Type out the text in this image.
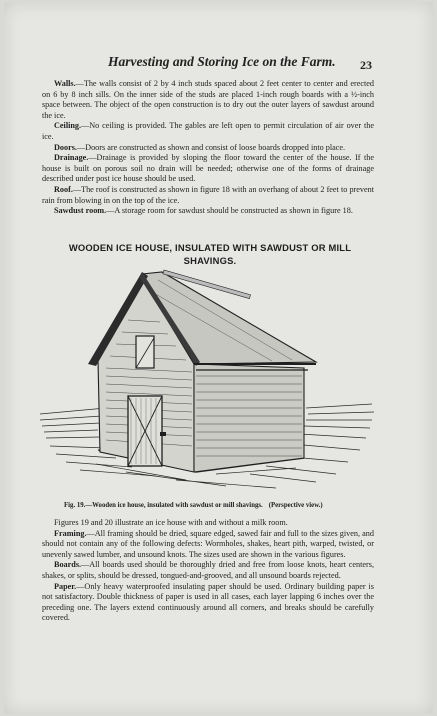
Harvesting and Storing Ice on the Farm. 23

Walls.—The walls consist of 2 by 4 inch studs spaced about 2 feet center to center and erected on 6 by 8 inch sills. On the inner side of the studs are placed 1-inch rough boards with a ½-inch space between. The object of the open construction is to dry out the outer layers of sawdust around the ice.

Ceiling.—No ceiling is provided. The gables are left open to permit circulation of air over the ice.

Doors.—Doors are constructed as shown and consist of loose boards dropped into place.

Drainage.—Drainage is provided by sloping the floor toward the center of the house. If the house is built on porous soil no drain will be needed; otherwise one of the forms of drainage described under post ice house should be used.

Roof.—The roof is constructed as shown in figure 18 with an overhang of about 2 feet to prevent rain from blowing in on the top of the ice.

Sawdust room.—A storage room for sawdust should be constructed as shown in figure 18.

WOODEN ICE HOUSE, INSULATED WITH SAWDUST OR MILL SHAVINGS.
Fig. 19.—Wooden ice house, insulated with sawdust or mill shavings. (Perspective view.)

Figures 19 and 20 illustrate an ice house with and without a milk room.

Framing.—All framing should be dried, square edged, sawed fair and full to the sizes given, and should not contain any of the following defects: Wormholes, shakes, heart pith, warped, twisted, or unevenly sawed lumber, and unsound knots. The sizes used are shown in the various figures.

Boards.—All boards used should be thoroughly dried and free from loose knots, heart centers, shakes, or splits, should be dressed, tongued-and-grooved, and all unsound boards rejected.

Paper.—Only heavy waterproofed insulating paper should be used. Ordinary building paper is not satisfactory. Double thickness of paper is used in all cases, each layer lapping 6 inches over the preceding one. The layers extend continuously around all corners, and breaks should be carefully covered.
